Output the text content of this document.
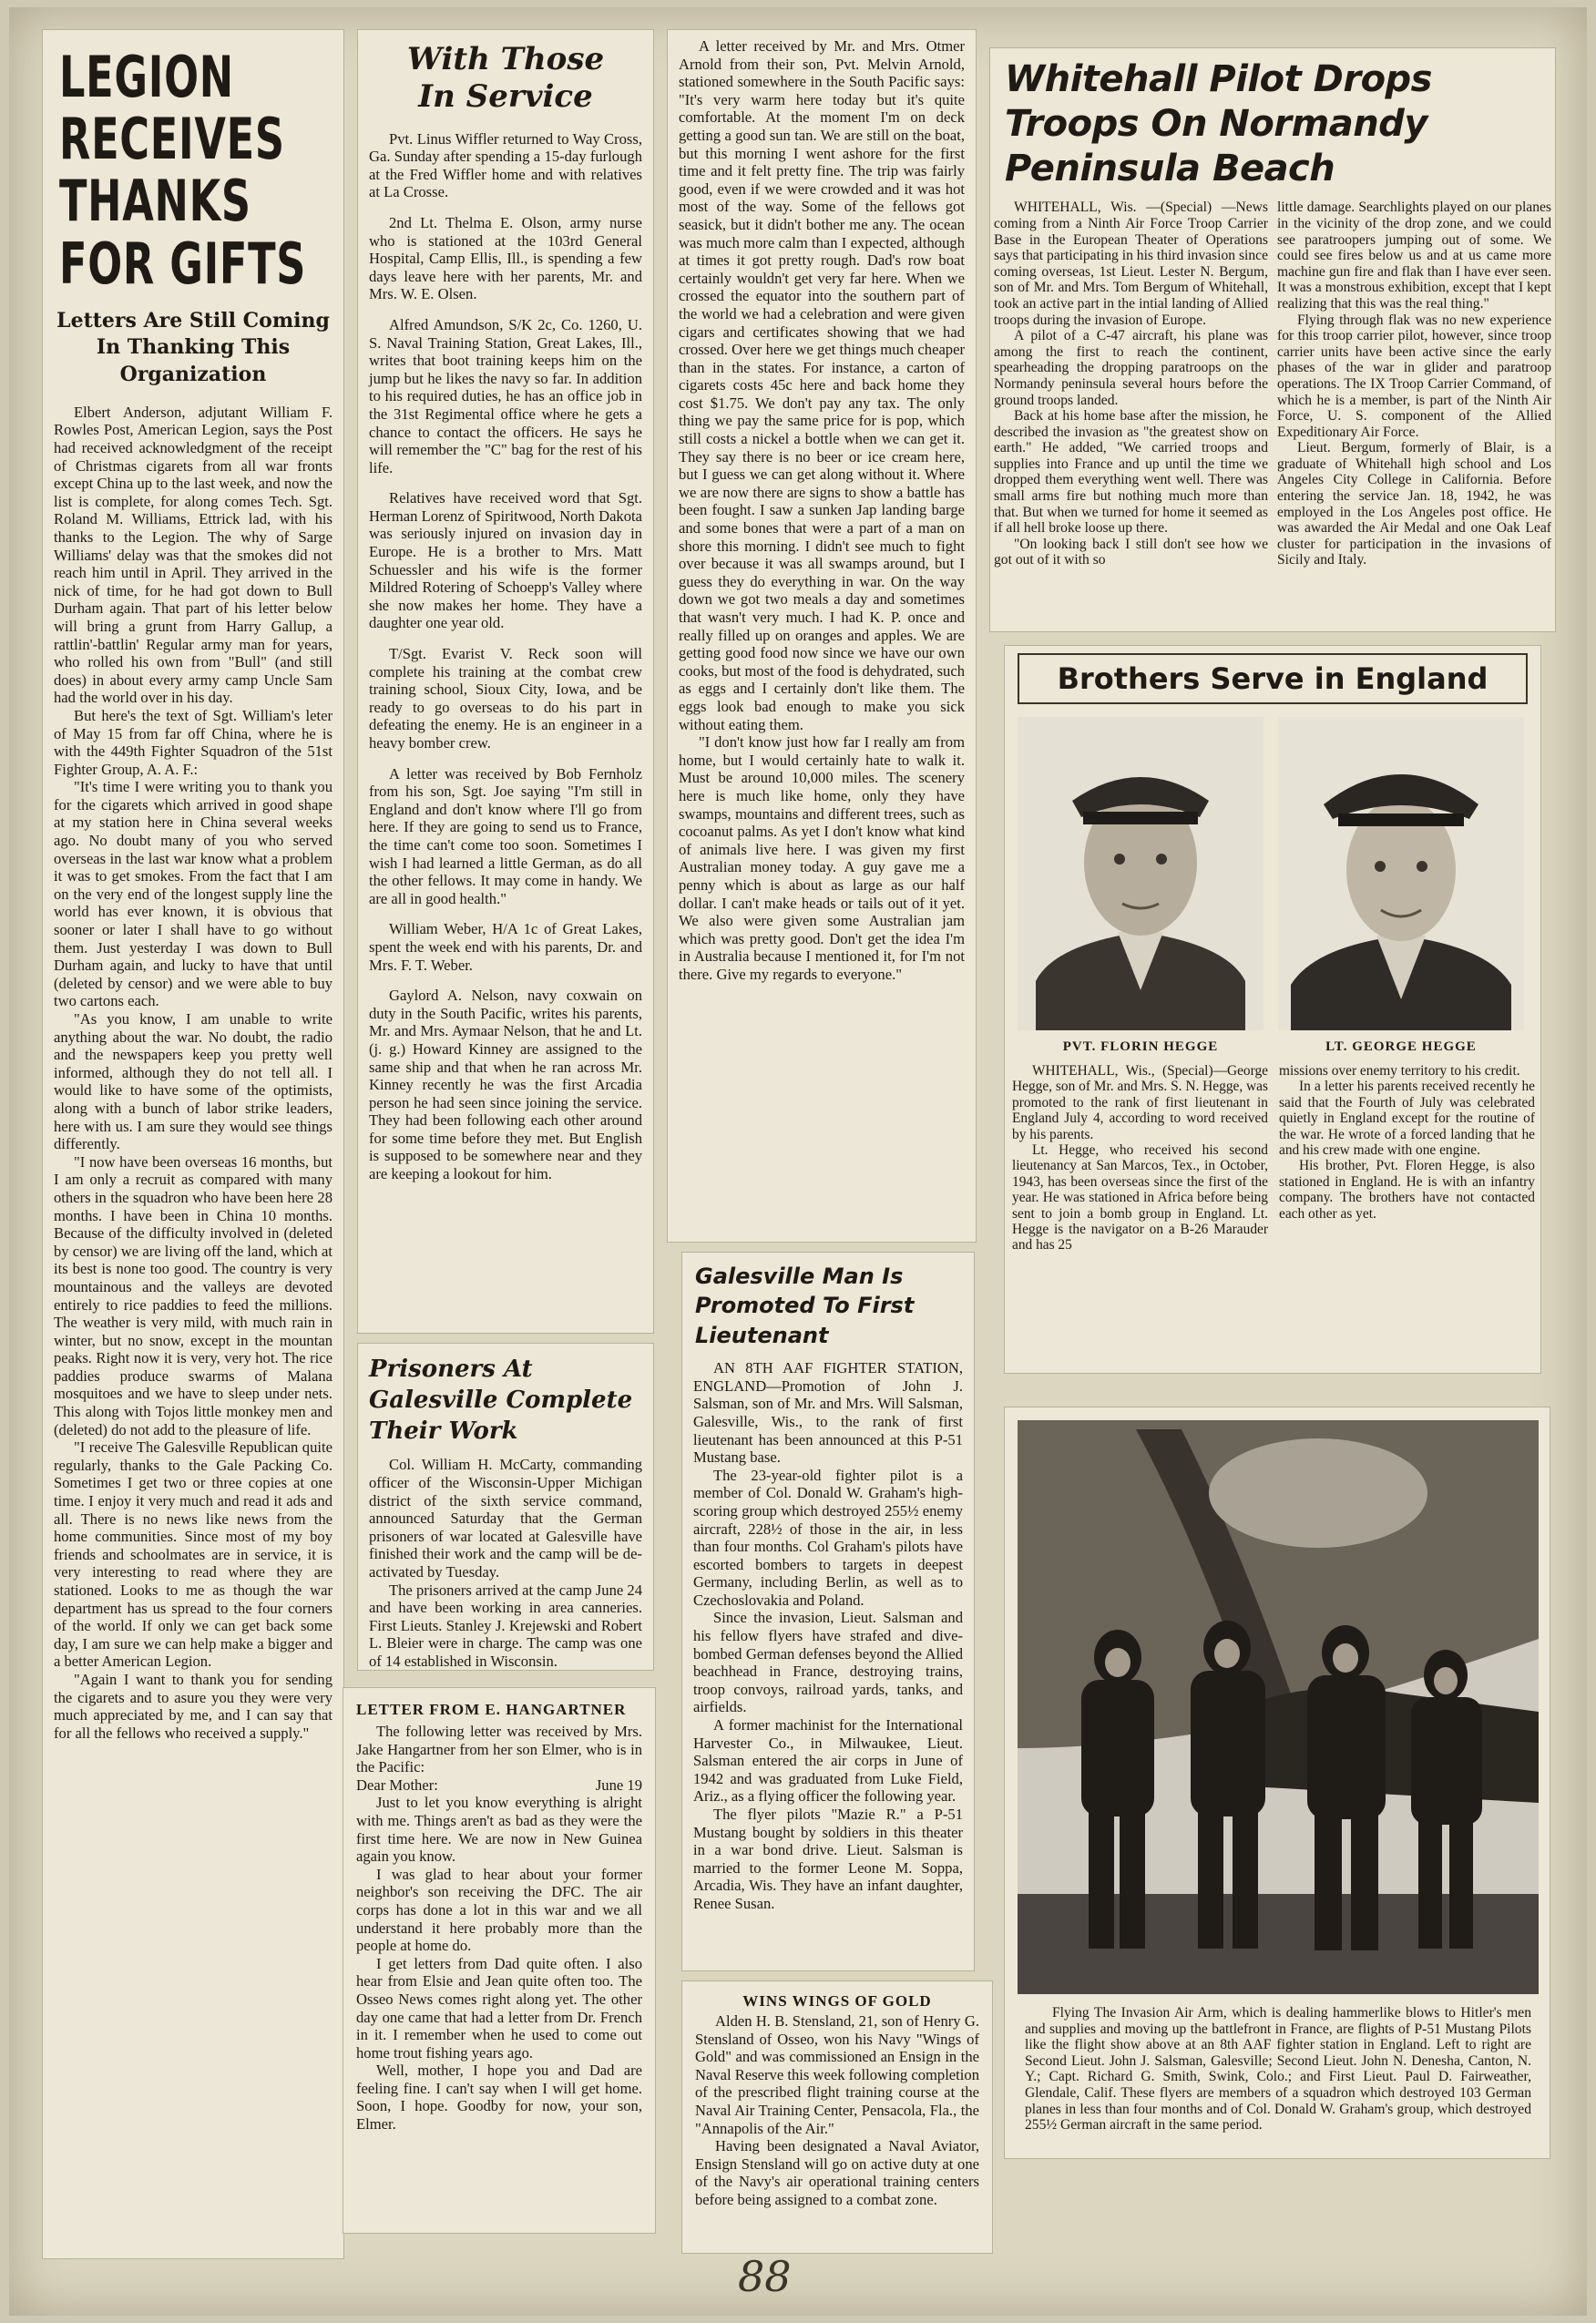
LEGION RECEIVES THANKS FOR GIFTS
Letters Are Still Coming In Thanking This Organization

Elbert Anderson, adjutant William F. Rowles Post, American Legion, says the Post had received acknowledgment of the receipt of Christmas cigarets from all war fronts except China up to the last week, and now the list is complete, for along comes Tech. Sgt. Roland M. Williams, Ettrick lad, with his thanks to the Legion. The why of Sarge Williams' delay was that the smokes did not reach him until in April. They arrived in the nick of time, for he had got down to Bull Durham again. That part of his letter below will bring a grunt from Harry Gallup, a rattlin'-battlin' Regular army man for years, who rolled his own from "Bull" (and still does) in about every army camp Uncle Sam had the world over in his day.

But here's the text of Sgt. William's leter of May 15 from far off China, where he is with the 449th Fighter Squadron of the 51st Fighter Group, A. A. F.:

"It's time I were writing you to thank you for the cigarets which arrived in good shape at my station here in China several weeks ago. No doubt many of you who served overseas in the last war know what a problem it was to get smokes. From the fact that I am on the very end of the longest supply line the world has ever known, it is obvious that sooner or later I shall have to go without them. Just yesterday I was down to Bull Durham again, and lucky to have that until (deleted by censor) and we were able to buy two cartons each.

"As you know, I am unable to write anything about the war. No doubt, the radio and the newspapers keep you pretty well informed, although they do not tell all. I would like to have some of the optimists, along with a bunch of labor strike leaders, here with us. I am sure they would see things differently.

"I now have been overseas 16 months, but I am only a recruit as compared with many others in the squadron who have been here 28 months. I have been in China 10 months. Because of the difficulty involved in (deleted by censor) we are living off the land, which at its best is none too good. The country is very mountainous and the valleys are devoted entirely to rice paddies to feed the millions. The weather is very mild, with much rain in winter, but no snow, except in the mountan peaks. Right now it is very, very hot. The rice paddies produce swarms of Malana mosquitoes and we have to sleep under nets. This along with Tojos little monkey men and (deleted) do not add to the pleasure of life.

"I receive The Galesville Republican quite regularly, thanks to the Gale Packing Co. Sometimes I get two or three copies at one time. I enjoy it very much and read it ads and all. There is no news like news from the home communities. Since most of my boy friends and schoolmates are in service, it is very interesting to read where they are stationed. Looks to me as though the war department has us spread to the four corners of the world. If only we can get back some day, I am sure we can help make a bigger and a better American Legion.

"Again I want to thank you for sending the cigarets and to asure you they were very much appreciated by me, and I can say that for all the fellows who received a supply."

With Those In Service

Pvt. Linus Wiffler returned to Way Cross, Ga. Sunday after spending a 15-day furlough at the Fred Wiffler home and with relatives at La Crosse.

2nd Lt. Thelma E. Olson, army nurse who is stationed at the 103rd General Hospital, Camp Ellis, Ill., is spending a few days leave here with her parents, Mr. and Mrs. W. E. Olsen.

Alfred Amundson, S/K 2c, Co. 1260, U. S. Naval Training Station, Great Lakes, Ill., writes that boot training keeps him on the jump but he likes the navy so far. In addition to his required duties, he has an office job in the 31st Regimental office where he gets a chance to contact the officers. He says he will remember the "C" bag for the rest of his life.

Relatives have received word that Sgt. Herman Lorenz of Spiritwood, North Dakota was seriously injured on invasion day in Europe. He is a brother to Mrs. Matt Schuessler and his wife is the former Mildred Rotering of Schoepp's Valley where she now makes her home. They have a daughter one year old.

T/Sgt. Evarist V. Reck soon will complete his training at the combat crew training school, Sioux City, Iowa, and be ready to go overseas to do his part in defeating the enemy. He is an engineer in a heavy bomber crew.

A letter was received by Bob Fernholz from his son, Sgt. Joe saying "I'm still in England and don't know where I'll go from here. If they are going to send us to France, the time can't come too soon. Sometimes I wish I had learned a little German, as do all the other fellows. It may come in handy. We are all in good health."

William Weber, H/A 1c of Great Lakes, spent the week end with his parents, Dr. and Mrs. F. T. Weber.

Gaylord A. Nelson, navy coxwain on duty in the South Pacific, writes his parents, Mr. and Mrs. Aymaar Nelson, that he and Lt. (j. g.) Howard Kinney are assigned to the same ship and that when he ran across Mr. Kinney recently he was the first Arcadia person he had seen since joining the service. They had been following each other around for some time before they met. But English is supposed to be somewhere near and they are keeping a lookout for him.

Prisoners At Galesville Complete Their Work

Col. William H. McCarty, commanding officer of the Wisconsin-Upper Michigan district of the sixth service command, announced Saturday that the German prisoners of war located at Galesville have finished their work and the camp will be de-activated by Tuesday.

The prisoners arrived at the camp June 24 and have been working in area canneries. First Lieuts. Stanley J. Krejewski and Robert L. Bleier were in charge. The camp was one of 14 established in Wisconsin.

LETTER FROM E. HANGARTNER

The following letter was received by Mrs. Jake Hangartner from her son Elmer, who is in the Pacific:

Dear Mother:	June 19

Just to let you know everything is alright with me. Things aren't as bad as they were the first time here. We are now in New Guinea again you know.

I was glad to hear about your former neighbor's son receiving the DFC. The air corps has done a lot in this war and we all understand it here probably more than the people at home do.

I get letters from Dad quite often. I also hear from Elsie and Jean quite often too. The Osseo News comes right along yet. The other day one came that had a letter from Dr. French in it. I remember when he used to come out home trout fishing years ago.

Well, mother, I hope you and Dad are feeling fine. I can't say when I will get home. Soon, I hope. Goodby for now, your son, Elmer.

A letter received by Mr. and Mrs. Otmer Arnold from their son, Pvt. Melvin Arnold, stationed somewhere in the South Pacific says: "It's very warm here today but it's quite comfortable. At the moment I'm on deck getting a good sun tan. We are still on the boat, but this morning I went ashore for the first time and it felt pretty fine. The trip was fairly good, even if we were crowded and it was hot most of the way. Some of the fellows got seasick, but it didn't bother me any. The ocean was much more calm than I expected, although at times it got pretty rough. Dad's row boat certainly wouldn't get very far here. When we crossed the equator into the southern part of the world we had a celebration and were given cigars and certificates showing that we had crossed. Over here we get things much cheaper than in the states. For instance, a carton of cigarets costs 45c here and back home they cost $1.75. We don't pay any tax. The only thing we pay the same price for is pop, which still costs a nickel a bottle when we can get it. They say there is no beer or ice cream here, but I guess we can get along without it. Where we are now there are signs to show a battle has been fought. I saw a sunken Jap landing barge and some bones that were a part of a man on shore this morning. I didn't see much to fight over because it was all swamps around, but I guess they do everything in war. On the way down we got two meals a day and sometimes that wasn't very much. I had K. P. once and really filled up on oranges and apples. We are getting good food now since we have our own cooks, but most of the food is dehydrated, such as eggs and I certainly don't like them. The eggs look bad enough to make you sick without eating them.

"I don't know just how far I really am from home, but I would certainly hate to walk it. Must be around 10,000 miles. The scenery here is much like home, only they have swamps, mountains and different trees, such as cocoanut palms. As yet I don't know what kind of animals live here. I was given my first Australian money today. A guy gave me a penny which is about as large as our half dollar. I can't make heads or tails out of it yet. We also were given some Australian jam which was pretty good. Don't get the idea I'm in Australia because I mentioned it, for I'm not there. Give my regards to everyone."

Galesville Man Is Promoted To First Lieutenant

AN 8TH AAF FIGHTER STATION, ENGLAND—Promotion of John J. Salsman, son of Mr. and Mrs. Will Salsman, Galesville, Wis., to the rank of first lieutenant has been announced at this P-51 Mustang base.

The 23-year-old fighter pilot is a member of Col. Donald W. Graham's high-scoring group which destroyed 255½ enemy aircraft, 228½ of those in the air, in less than four months. Col Graham's pilots have escorted bombers to targets in deepest Germany, including Berlin, as well as to Czechoslovakia and Poland.

Since the invasion, Lieut. Salsman and his fellow flyers have strafed and dive-bombed German defenses beyond the Allied beachhead in France, destroying trains, troop convoys, railroad yards, tanks, and airfields.

A former machinist for the International Harvester Co., in Milwaukee, Lieut. Salsman entered the air corps in June of 1942 and was graduated from Luke Field, Ariz., as a flying officer the following year.

The flyer pilots "Mazie R." a P-51 Mustang bought by soldiers in this theater in a war bond drive. Lieut. Salsman is married to the former Leone M. Soppa, Arcadia, Wis. They have an infant daughter, Renee Susan.

WINS WINGS OF GOLD

Alden H. B. Stensland, 21, son of Henry G. Stensland of Osseo, won his Navy "Wings of Gold" and was commissioned an Ensign in the Naval Reserve this week following completion of the prescribed flight training course at the Naval Air Training Center, Pensacola, Fla., the "Annapolis of the Air."

Having been designated a Naval Aviator, Ensign Stensland will go on active duty at one of the Navy's air operational training centers before being assigned to a combat zone.

Whitehall Pilot Drops Troops On Normandy Peninsula Beach

WHITEHALL, Wis. —(Special) —News coming from a Ninth Air Force Troop Carrier Base in the European Theater of Operations says that participating in his third invasion since coming overseas, 1st Lieut. Lester N. Bergum, son of Mr. and Mrs. Tom Bergum of Whitehall, took an active part in the intial landing of Allied troops during the invasion of Europe.

A pilot of a C-47 aircraft, his plane was among the first to reach the continent, spearheading the dropping paratroops on the Normandy peninsula several hours before the ground troops landed.

Back at his home base after the mission, he described the invasion as "the greatest show on earth." He added, "We carried troops and supplies into France and up until the time we dropped them everything went well. There was small arms fire but nothing much more than that. But when we turned for home it seemed as if all hell broke loose up there.

"On looking back I still don't see how we got out of it with so

little damage. Searchlights played on our planes in the vicinity of the drop zone, and we could see paratroopers jumping out of some. We could see fires below us and at us came more machine gun fire and flak than I have ever seen. It was a monstrous exhibition, except that I kept realizing that this was the real thing."

Flying through flak was no new experience for this troop carrier pilot, however, since troop carrier units have been active since the early phases of the war in glider and paratroop operations. The IX Troop Carrier Command, of which he is a member, is part of the Ninth Air Force, U. S. component of the Allied Expeditionary Air Force.

Lieut. Bergum, formerly of Blair, is a graduate of Whitehall high school and Los Angeles City College in California. Before entering the service Jan. 18, 1942, he was employed in the Los Angeles post office. He was awarded the Air Medal and one Oak Leaf cluster for participation in the invasions of Sicily and Italy.

Brothers Serve in England
PVT. FLORIN HEGGE	LT. GEORGE HEGGE

WHITEHALL, Wis., (Special)—George Hegge, son of Mr. and Mrs. S. N. Hegge, was promoted to the rank of first lieutenant in England July 4, according to word received by his parents.

Lt. Hegge, who received his second lieutenancy at San Marcos, Tex., in October, 1943, has been overseas since the first of the year. He was stationed in Africa before being sent to join a bomb group in England. Lt. Hegge is the navigator on a B-26 Marauder and has 25

missions over enemy territory to his credit.

In a letter his parents received recently he said that the Fourth of July was celebrated quietly in England except for the routine of the war. He wrote of a forced landing that he and his crew made with one engine.

His brother, Pvt. Floren Hegge, is also stationed in England. He is with an infantry company. The brothers have not contacted each other as yet.

Flying The Invasion Air Arm, which is dealing hammerlike blows to Hitler's men and supplies and moving up the battlefront in France, are flights of P-51 Mustang Pilots like the flight show above at an 8th AAF fighter station in England. Left to right are Second Lieut. John J. Salsman, Galesville; Second Lieut. John N. Denesha, Canton, N. Y.; Capt. Richard G. Smith, Swink, Colo.; and First Lieut. Paul D. Fairweather, Glendale, Calif. These flyers are members of a squadron which destroyed 103 German planes in less than four months and of Col. Donald W. Graham's group, which destroyed 255½ German aircraft in the same period.
88
